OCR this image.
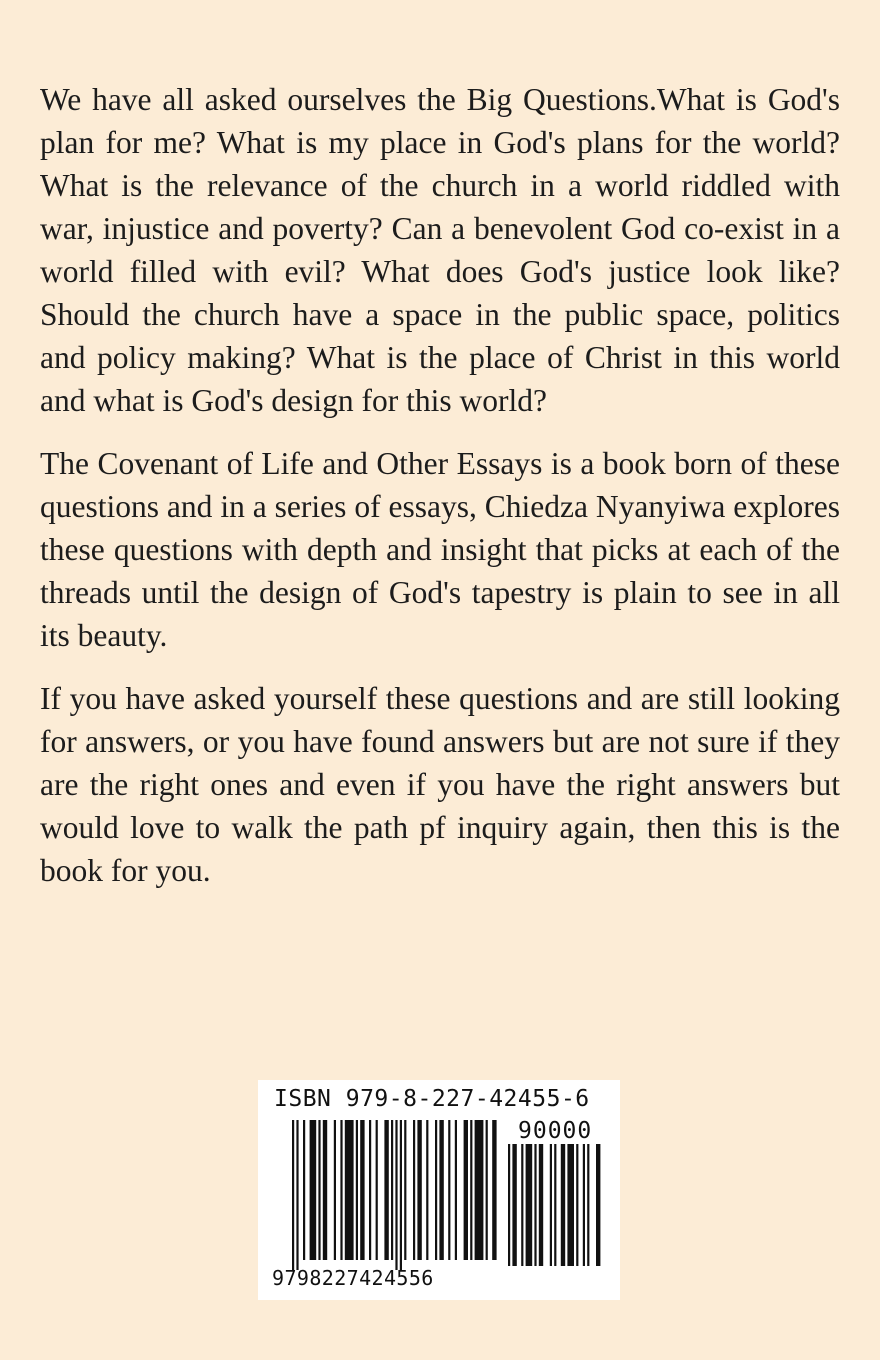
We have all asked ourselves the Big Questions.What is God's plan for me? What is my place in God's plans for the world? What is the relevance of the church in a world riddled with war, injustice and poverty? Can a benevolent God co-exist in a world filled with evil? What does God's justice look like? Should the church have a space in the public space, politics and policy making? What is the place of Christ in this world and what is God's design for this world?

The Covenant of Life and Other Essays is a book born of these questions and in a series of essays, Chiedza Nyanyiwa explores these questions with depth and insight that picks at each of the threads until the design of God's tapestry is plain to see in all its beauty.

If you have asked yourself these questions and are still looking for answers, or you have found answers but are not sure if they are the right ones and even if you have the right answers but would love to walk the path pf inquiry again, then this is the book for you.

ISBN 979-8-227-42455-6
90000
9798227424556
